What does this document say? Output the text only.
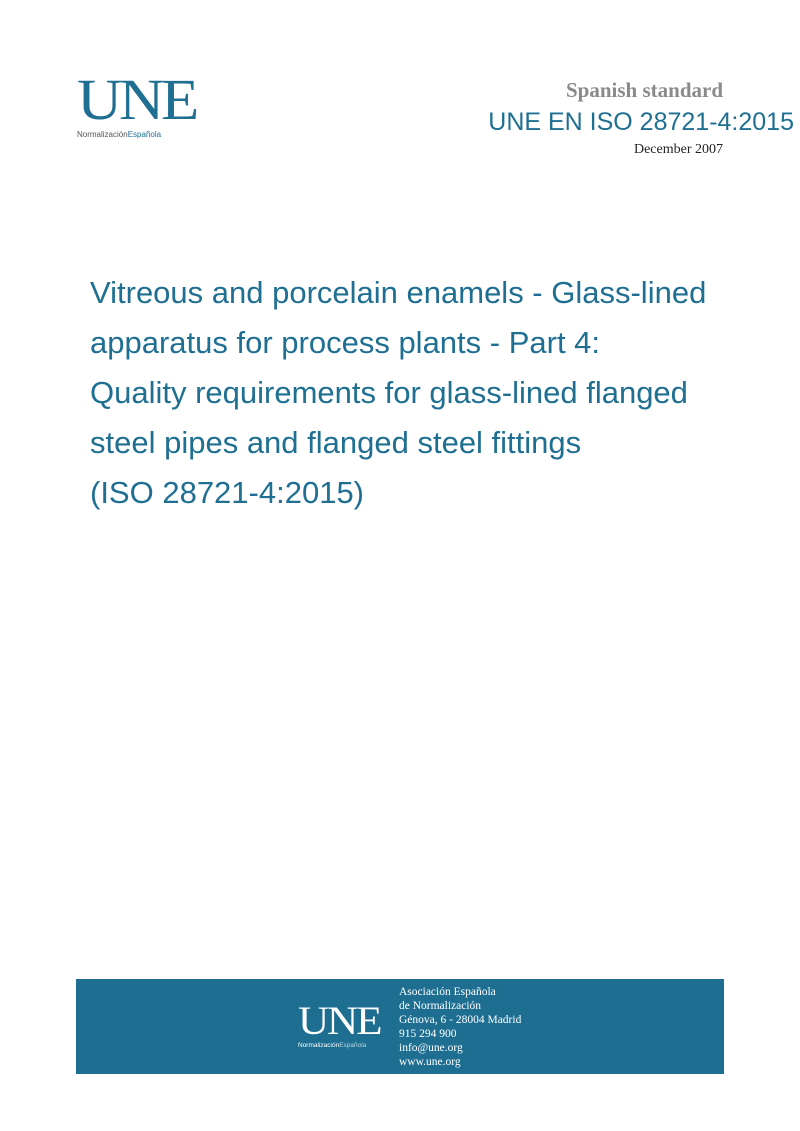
UNE
NormalizaciónEspañola
Spanish standard
UNE EN ISO 28721-4:2015
December 2007
Vitreous and porcelain enamels - Glass-lined
apparatus for process plants - Part 4:
Quality requirements for glass-lined flanged
steel pipes and flanged steel fittings
(ISO 28721-4:2015)
UNE
NormalizaciónEspañola
Asociación Española
de Normalización
Génova, 6 - 28004 Madrid
915 294 900
info@une.org
www.une.org
